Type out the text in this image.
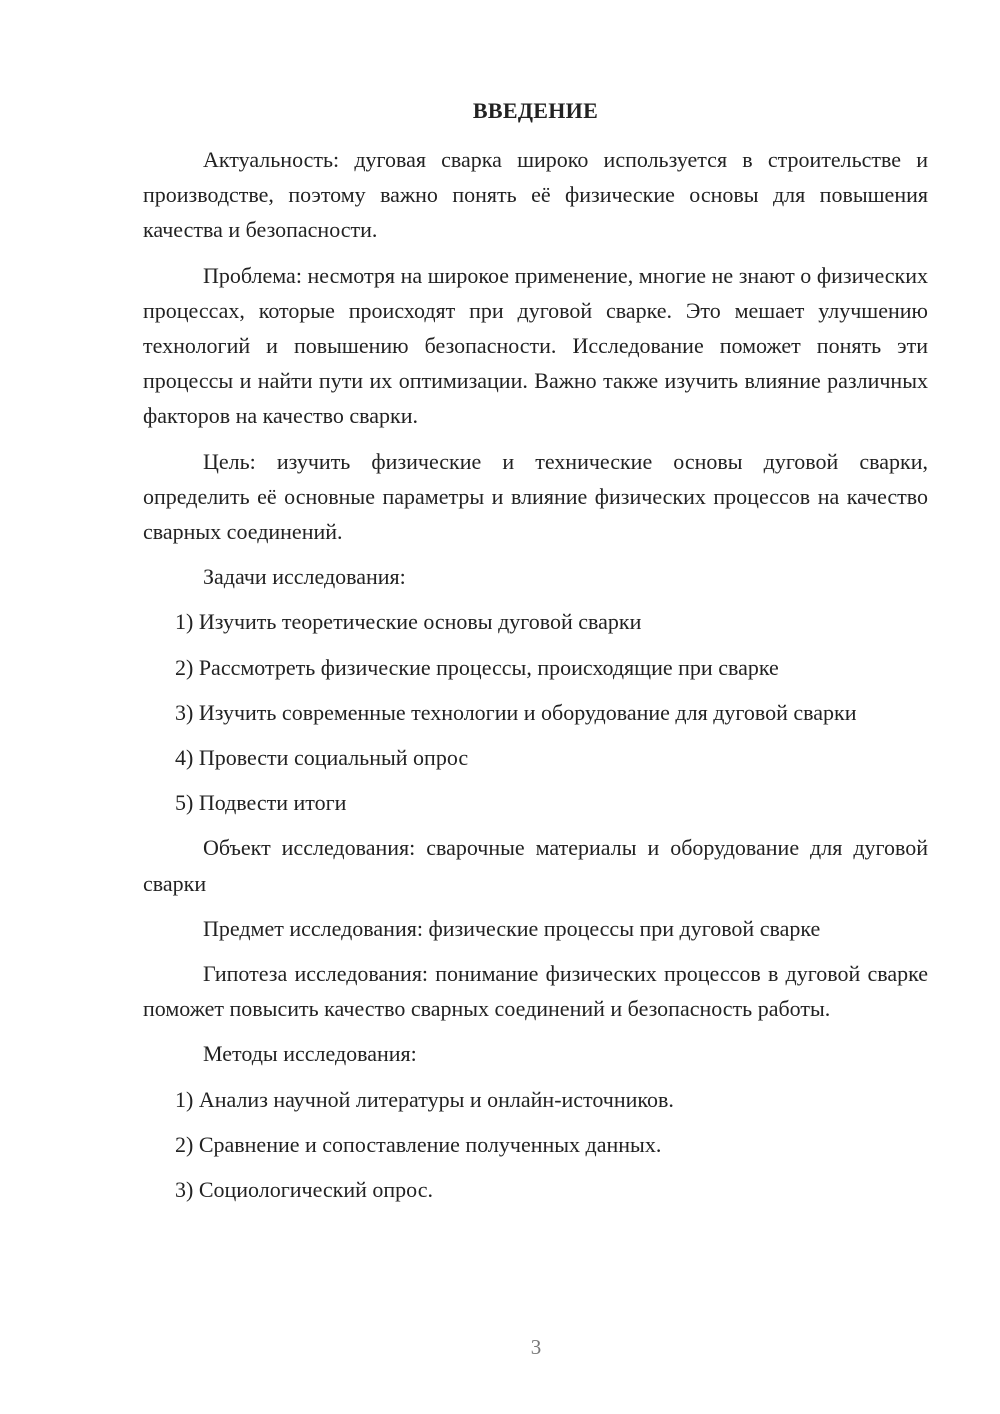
ВВЕДЕНИЕ

Актуальность: дуговая сварка широко используется в строительстве и производстве, поэтому важно понять её физические основы для повышения качества и безопасности.

Проблема: несмотря на широкое применение, многие не знают о физических процессах, которые происходят при дуговой сварке. Это мешает улучшению технологий и повышению безопасности. Исследование поможет понять эти процессы и найти пути их оптимизации. Важно также изучить влияние различных факторов на качество сварки.

Цель: изучить физические и технические основы дуговой сварки, определить её основные параметры и влияние физических процессов на качество сварных соединений.

Задачи исследования:

1) Изучить теоретические основы дуговой сварки

2) Рассмотреть физические процессы, происходящие при сварке

3) Изучить современные технологии и оборудование для дуговой сварки

4) Провести социальный опрос

5) Подвести итоги

Объект исследования: сварочные материалы и оборудование для дуговой сварки

Предмет исследования: физические процессы при дуговой сварке

Гипотеза исследования: понимание физических процессов в дуговой сварке поможет повысить качество сварных соединений и безопасность работы.

Методы исследования:

1) Анализ научной литературы и онлайн-источников.

2) Сравнение и сопоставление полученных данных.

3) Социологический опрос.

3
